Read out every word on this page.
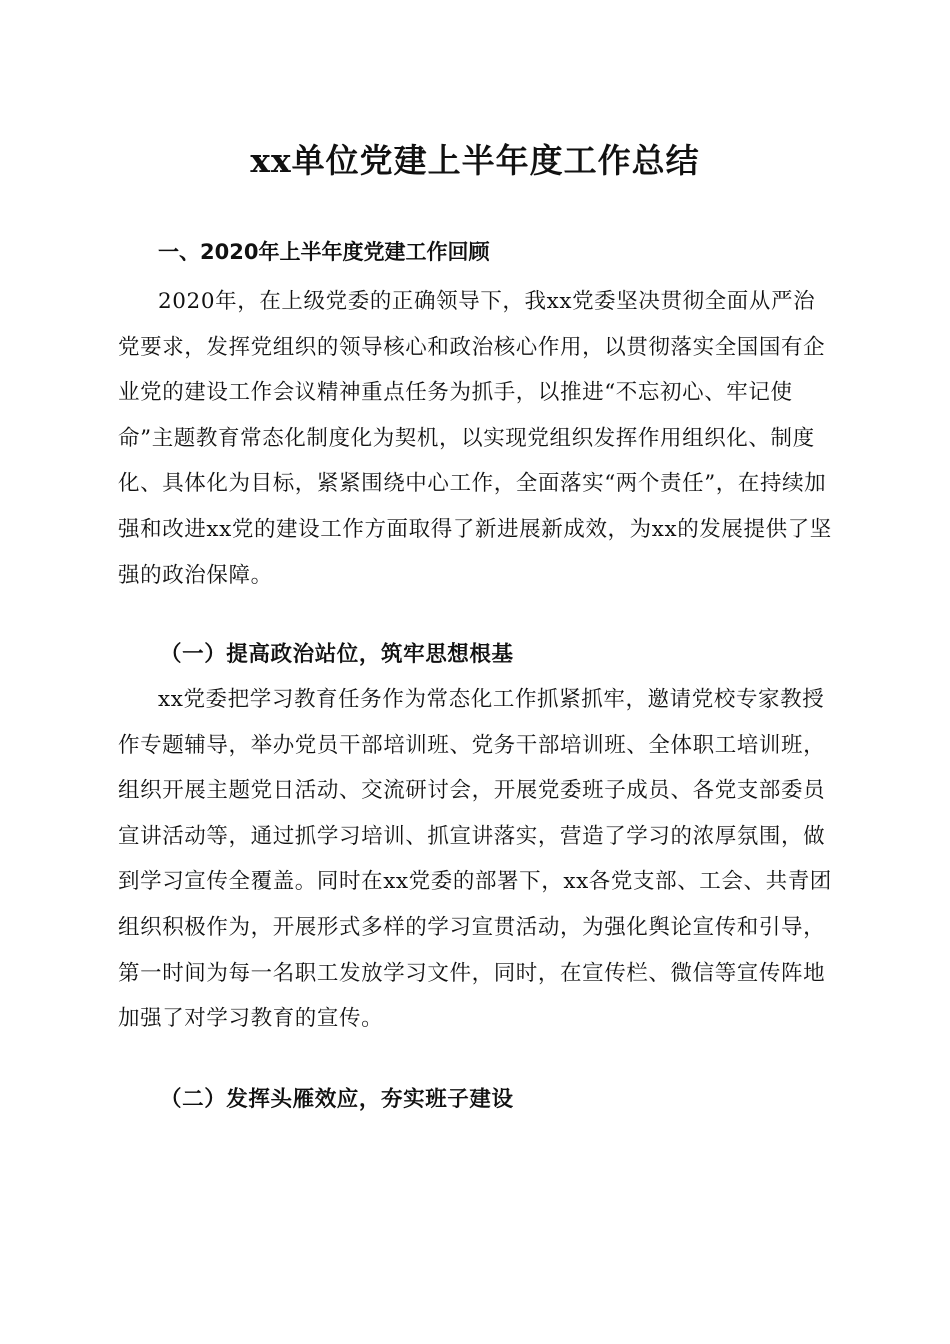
xx单位党建上半年度工作总结

一、2020年上半年度党建工作回顾

2020年，在上级党委的正确领导下，我xx党委坚决贯彻全面从严治党要求，发挥党组织的领导核心和政治核心作用，以贯彻落实全国国有企业党的建设工作会议精神重点任务为抓手，以推进“不忘初心、牢记使命”主题教育常态化制度化为契机，以实现党组织发挥作用组织化、制度化、具体化为目标，紧紧围绕中心工作，全面落实“两个责任”，在持续加强和改进xx党的建设工作方面取得了新进展新成效，为xx的发展提供了坚强的政治保障。

（一）提高政治站位，筑牢思想根基

xx党委把学习教育任务作为常态化工作抓紧抓牢，邀请党校专家教授作专题辅导，举办党员干部培训班、党务干部培训班、全体职工培训班，组织开展主题党日活动、交流研讨会，开展党委班子成员、各党支部委员宣讲活动等，通过抓学习培训、抓宣讲落实，营造了学习的浓厚氛围，做到学习宣传全覆盖。同时在xx党委的部署下，xx各党支部、工会、共青团组织积极作为，开展形式多样的学习宣贯活动，为强化舆论宣传和引导，第一时间为每一名职工发放学习文件，同时，在宣传栏、微信等宣传阵地加强了对学习教育的宣传。

（二）发挥头雁效应，夯实班子建设
